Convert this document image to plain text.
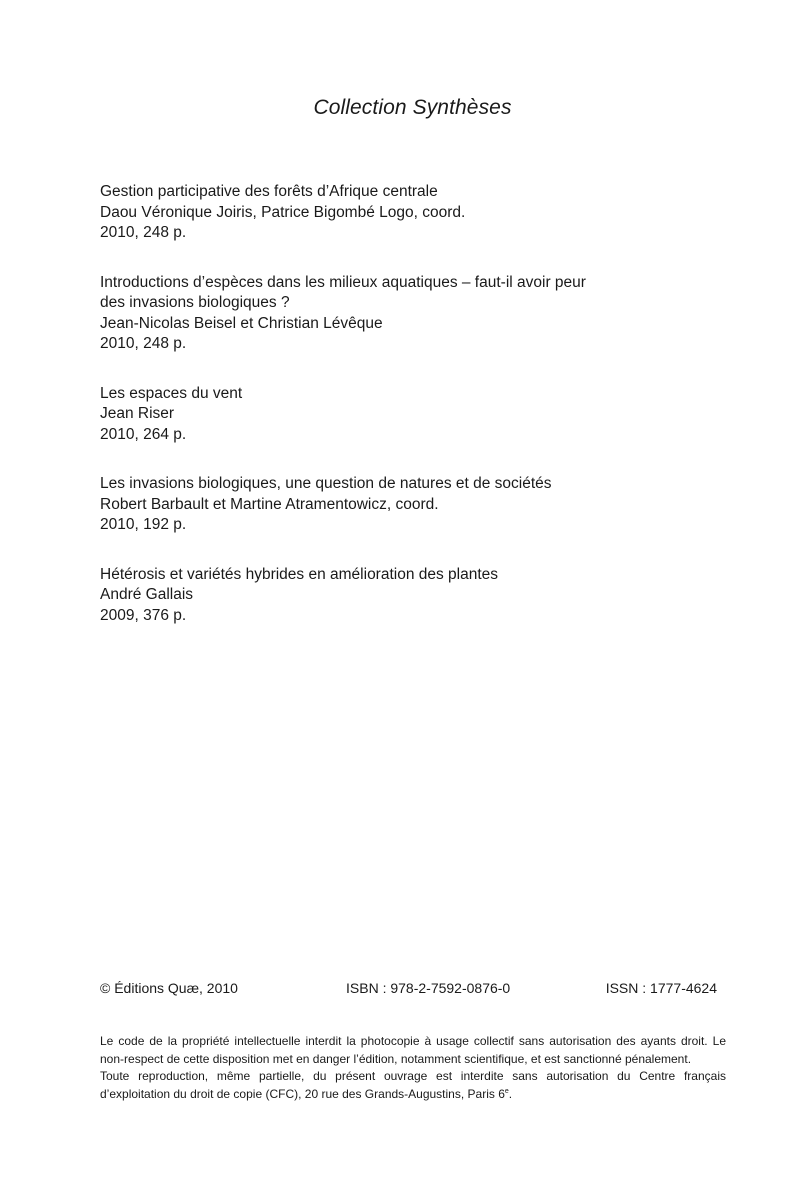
Collection Synthèses
Gestion participative des forêts d’Afrique centrale
Daou Véronique Joiris, Patrice Bigombé Logo, coord.
2010, 248 p.
Introductions d’espèces dans les milieux aquatiques – faut-il avoir peur
des invasions biologiques ?
Jean-Nicolas Beisel et Christian Lévêque
2010, 248 p.
Les espaces du vent
Jean Riser
2010, 264 p.
Les invasions biologiques, une question de natures et de sociétés
Robert Barbault et Martine Atramentowicz, coord.
2010, 192 p.
Hétérosis et variétés hybrides en amélioration des plantes
André Gallais
2009, 376 p.
© Éditions Quæ, 2010	ISBN : 978-2-7592-0876-0	ISSN : 1777-4624
Le code de la propriété intellectuelle interdit la photocopie à usage collectif sans autorisation des ayants droit. Le
non-respect de cette disposition met en danger l’édition, notamment scientifique, et est sanctionné pénalement.
Toute reproduction, même partielle, du présent ouvrage est interdite sans autorisation du Centre français
d’exploitation du droit de copie (CFC), 20 rue des Grands-Augustins, Paris 6e.
